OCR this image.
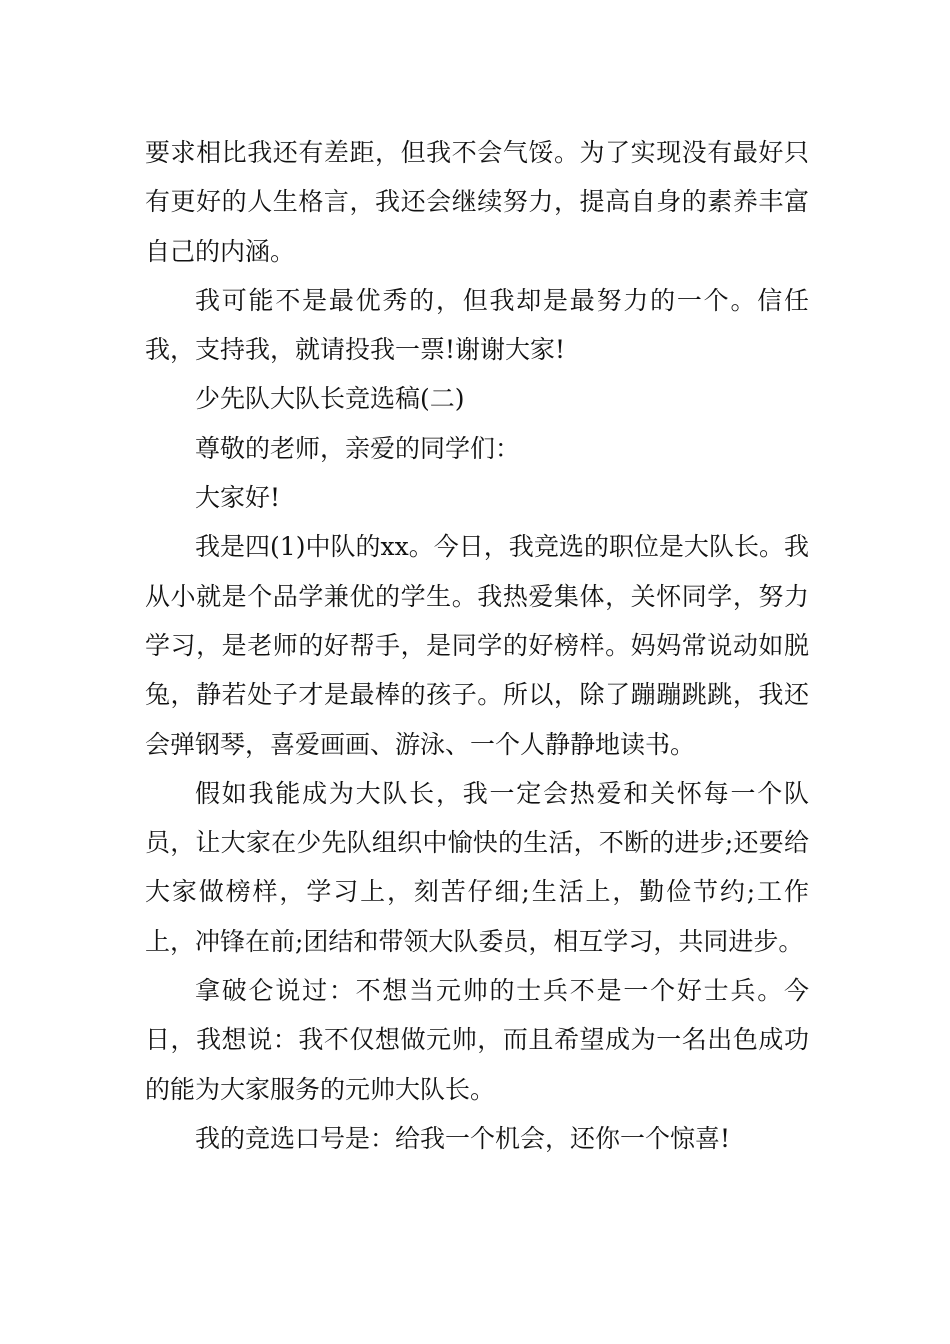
要求相比我还有差距，但我不会气馁。为了实现没有最好只有更好的人生格言，我还会继续努力，提高自身的素养丰富自己的内涵。

我可能不是最优秀的，但我却是最努力的一个。信任我，支持我，就请投我一票!谢谢大家!

少先队大队长竞选稿(二)

尊敬的老师，亲爱的同学们：

大家好!

我是四(1)中队的xx。今日，我竞选的职位是大队长。我从小就是个品学兼优的学生。我热爱集体，关怀同学，努力学习，是老师的好帮手，是同学的好榜样。妈妈常说动如脱兔，静若处子才是最棒的孩子。所以，除了蹦蹦跳跳，我还会弹钢琴，喜爱画画、游泳、一个人静静地读书。

假如我能成为大队长，我一定会热爱和关怀每一个队员，让大家在少先队组织中愉快的生活，不断的进步;还要给大家做榜样，学习上，刻苦仔细;生活上，勤俭节约;工作上，冲锋在前;团结和带领大队委员，相互学习，共同进步。

拿破仑说过：不想当元帅的士兵不是一个好士兵。今日，我想说：我不仅想做元帅，而且希望成为一名出色成功的能为大家服务的元帅大队长。

我的竞选口号是：给我一个机会，还你一个惊喜!
